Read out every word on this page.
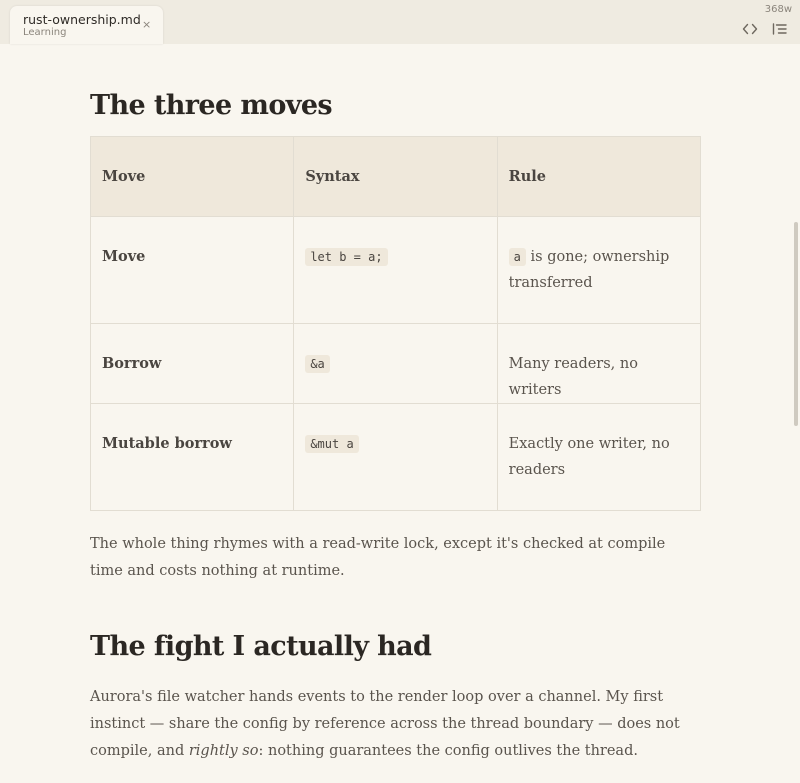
rust-ownership.md
Learning
×
368w
The three moves
Move	Syntax	Rule
Move	let b = a;	a is gone; ownership transferred
Borrow	&a	Many readers, no writers
Mutable borrow	&mut a	Exactly one writer, no readers

The whole thing rhymes with a read-write lock, except it's checked at compile time and costs nothing at runtime.

The fight I actually had

Aurora's file watcher hands events to the render loop over a channel. My first instinct — share the config by reference across the thread boundary — does not compile, and rightly so: nothing guarantees the config outlives the thread.
